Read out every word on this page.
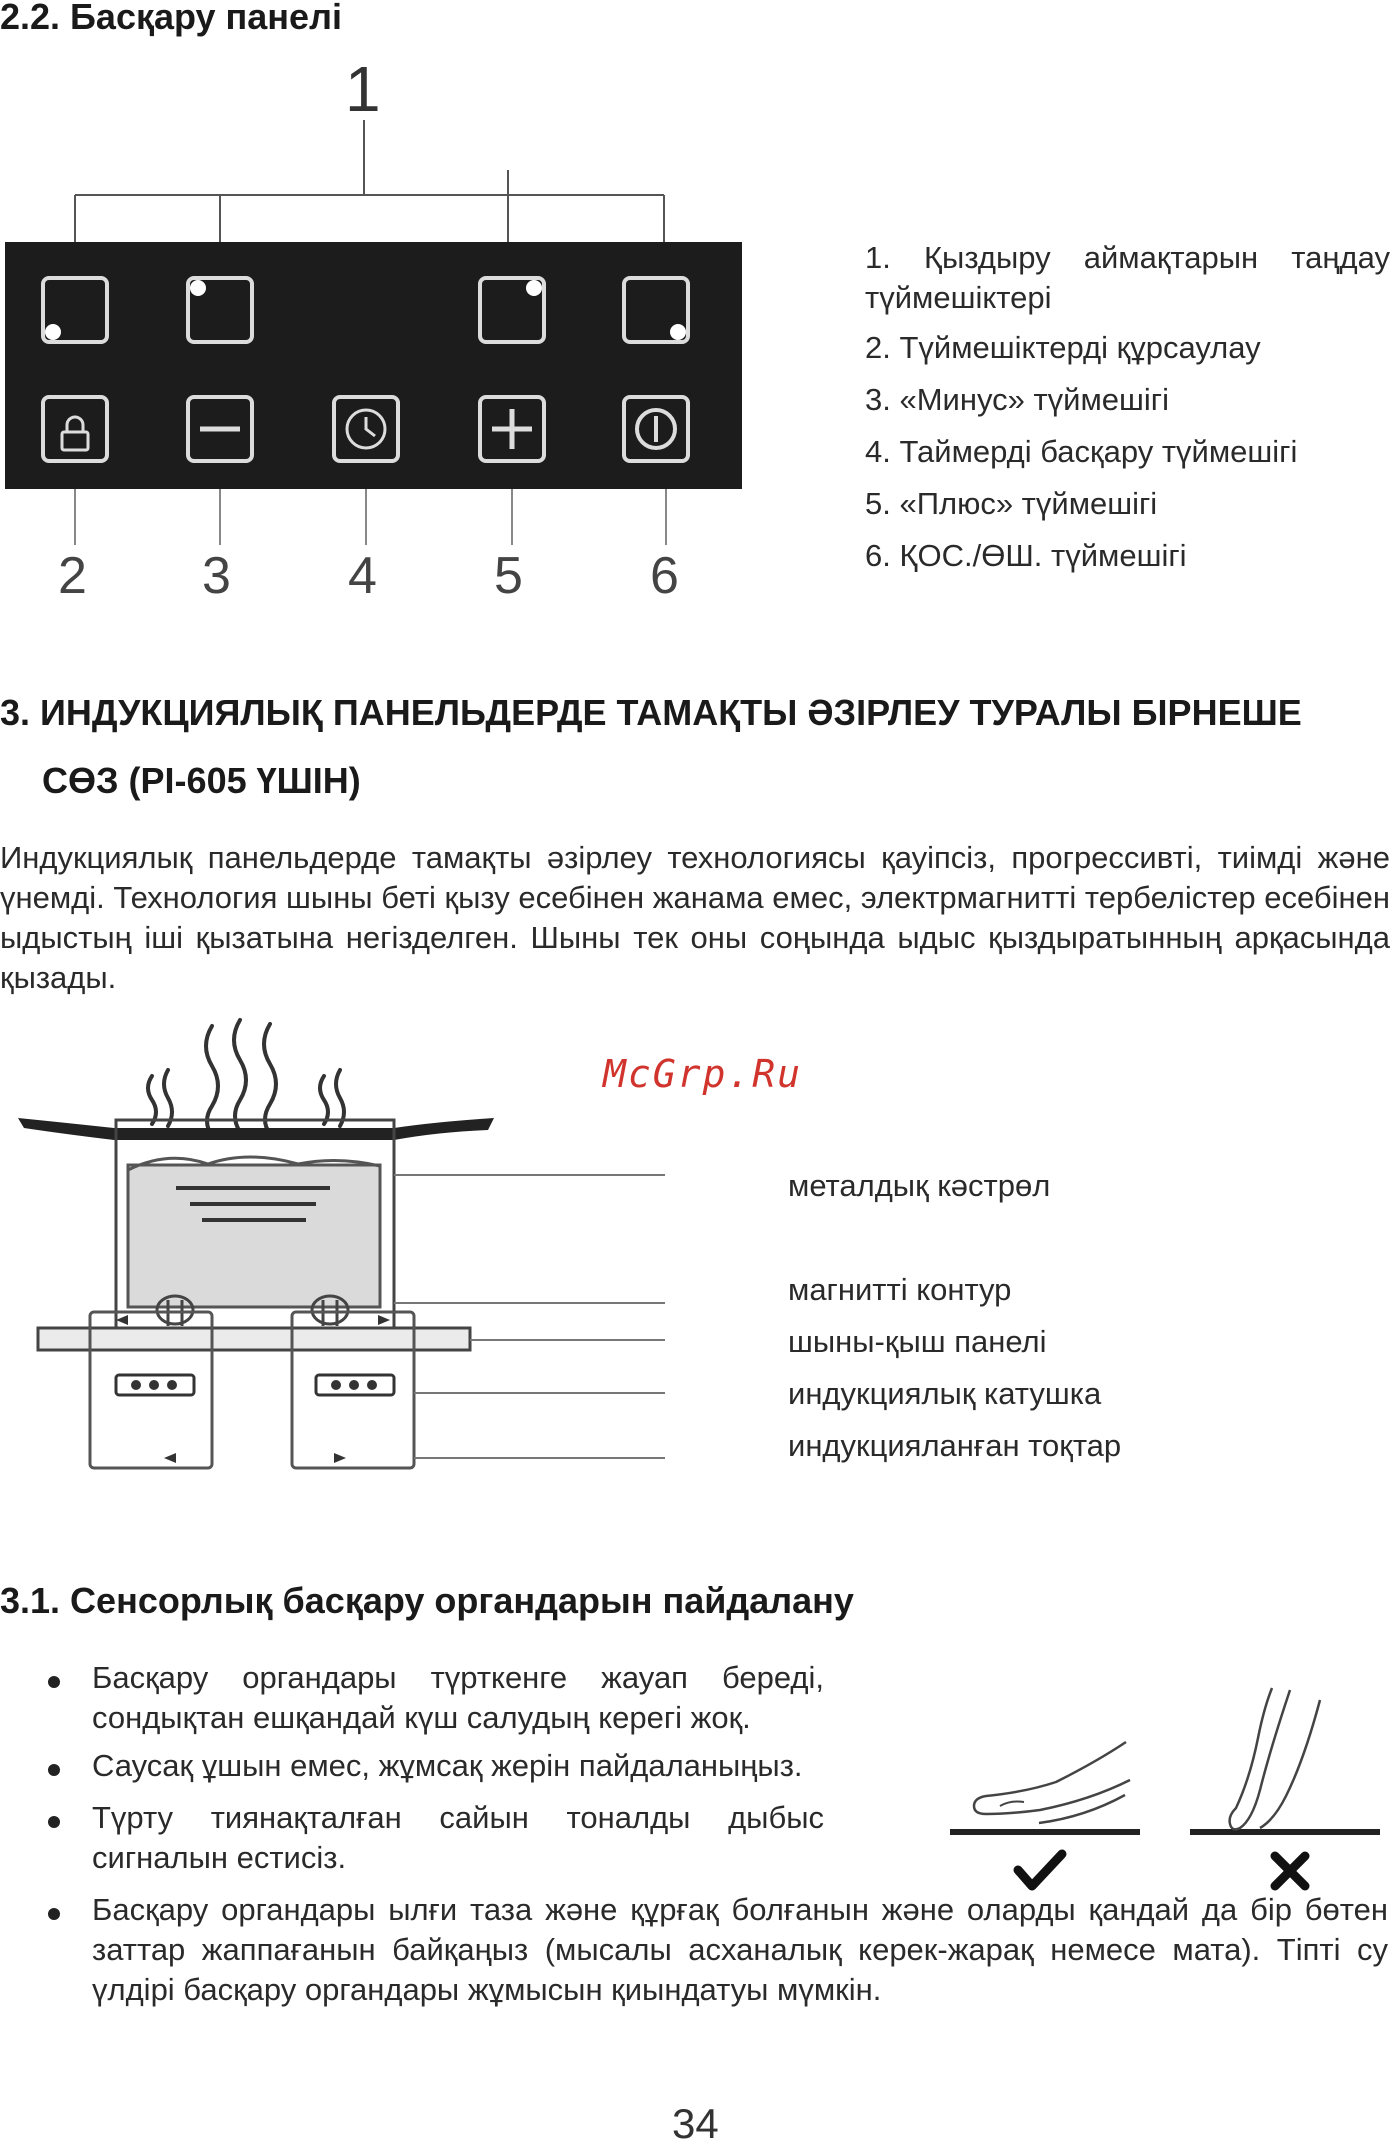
2.2. Басқару панелі
1
2 3 4 5 6
1. Қыздыру аймақтарын таңдау түймешіктері
2. Түймешіктерді құрсаулау
3. «Минус» түймешігі
4. Таймерді басқару түймешігі
5. «Плюс» түймешігі
6. ҚОС./ӨШ. түймешігі
3. ИНДУКЦИЯЛЫҚ ПАНЕЛЬДЕРДЕ ТАМАҚТЫ ӘЗІРЛЕУ ТУРАЛЫ БІРНЕШЕ
СӨЗ (PI-605 ҮШІН)
Индукциялық панельдерде тамақты әзірлеу технологиясы қауіпсіз, прогрессивті, тиімді және үнемді. Технология шыны беті қызу есебінен жанама емес, электрмагнитті тербелістер есебінен ыдыстың іші қызатына негізделген. Шыны тек оны соңында ыдыс қыздыратынның арқасында қызады.
McGrp.Ru
металдық кәстрөл
магнитті контур
шыны-қыш панелі
индукциялық катушка
индукцияланған тоқтар
3.1. Сенсорлық басқару органдарын пайдалану
Басқару органдары түрткенге жауап береді, сондықтан ешқандай күш салудың керегі жоқ.
Саусақ ұшын емес, жұмсақ жерін пайдаланыңыз.
Түрту тиянақталған сайын тоналды дыбыс сигналын естисіз.
Басқару органдары ылғи таза және құрғақ болғанын және оларды қандай да бір бөтен заттар жаппағанын байқаңыз (мысалы асханалық керек-жарақ немесе мата). Тіпті су үлдірі басқару органдары жұмысын қиындатуы мүмкін.
34
